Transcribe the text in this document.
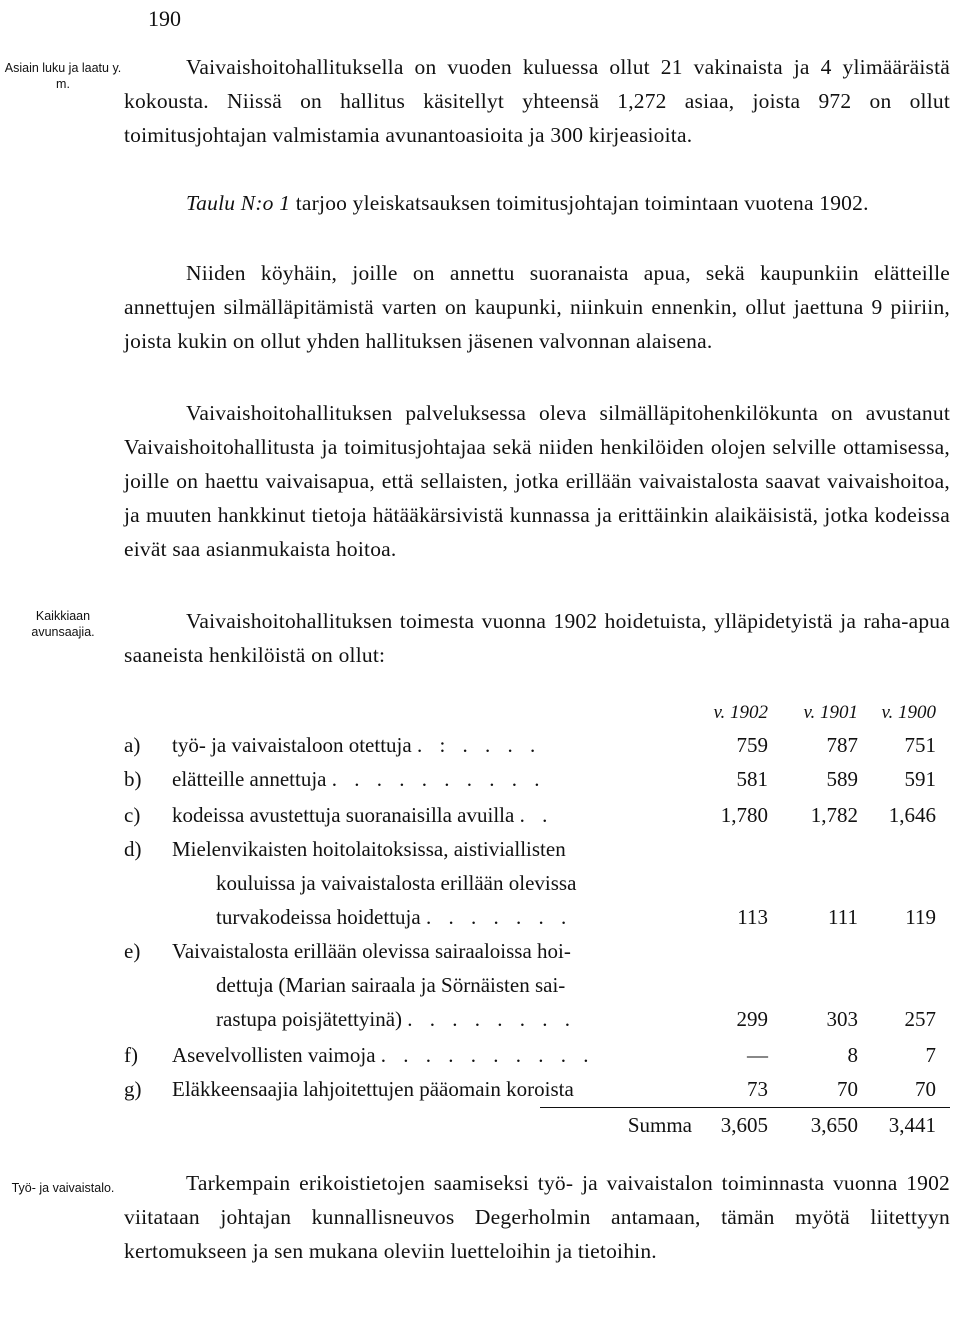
190
Asiain luku ja laatu y. m.
Kaikkiaan avunsaajia.
Työ- ja vaivaistalo.

Vaivaishoitohallituksella on vuoden kuluessa ollut 21 vakinaista ja 4 ylimääräistä kokousta. Niissä on hallitus käsitellyt yhteensä 1,272 asiaa, joista 972 on ollut toimitusjohtajan valmistamia avunantoasioita ja 300 kirjeasioita.

Taulu N:o 1 tarjoo yleiskatsauksen toimitusjohtajan toimintaan vuotena 1902.

Niiden köyhäin, joille on annettu suoranaista apua, sekä kaupunkiin elätteille annettujen silmälläpitämistä varten on kaupunki, niinkuin ennenkin, ollut jaettuna 9 piiriin, joista kukin on ollut yhden hallituksen jäsenen valvonnan alaisena.

Vaivaishoitohallituksen palveluksessa oleva silmälläpitohenkilökunta on avustanut Vaivaishoitohallitusta ja toimitusjohtajaa sekä niiden henkilöiden olojen selville ottamisessa, joille on haettu vaivaisapua, että sellaisten, jotka erillään vaivaistalosta saavat vaivaishoitoa, ja muuten hankkinut tietoja hätääkärsivistä kunnassa ja erittäinkin alaikäisistä, jotka kodeissa eivät saa asianmukaista hoitoa.

Vaivaishoitohallituksen toimesta vuonna 1902 hoidetuista, ylläpidetyistä ja raha-apua saaneista henkilöistä on ollut:

v. 1902	v. 1901	v. 1900
a)	työ- ja vaivaistaloon otettuja . : . . . .	759	787	751
b)	elätteille annettuja . . . . . . . . . .	581	589	591
c)	kodeissa avustettuja suoranaisilla avuilla . .	1,780	1,782	1,646
d)	Mielenvikaisten hoitolaitoksissa, aistiviallisten
kouluissa ja vaivaistalosta erillään olevissa
turvakodeissa hoidettuja . . . . . . .	113	111	119
e)	Vaivaistalosta erillään olevissa sairaaloissa hoi-
dettuja (Marian sairaala ja Sörnäisten sai-
rastupa poisjätettyinä) . . . . . . . .	299	303	257
f)	Asevelvollisten vaimoja . . . . . . . . . .	—	8	7
g)	Eläkkeensaajia lahjoitettujen pääomain koroista	73	70	70
Summa	3,605	3,650	3,441

Tarkempain erikoistietojen saamiseksi työ- ja vaivaistalon toiminnasta vuonna 1902 viitataan johtajan kunnallisneuvos Degerholmin antamaan, tämän myötä liitettyyn kertomukseen ja sen mukana oleviin luetteloihin ja tietoihin.
